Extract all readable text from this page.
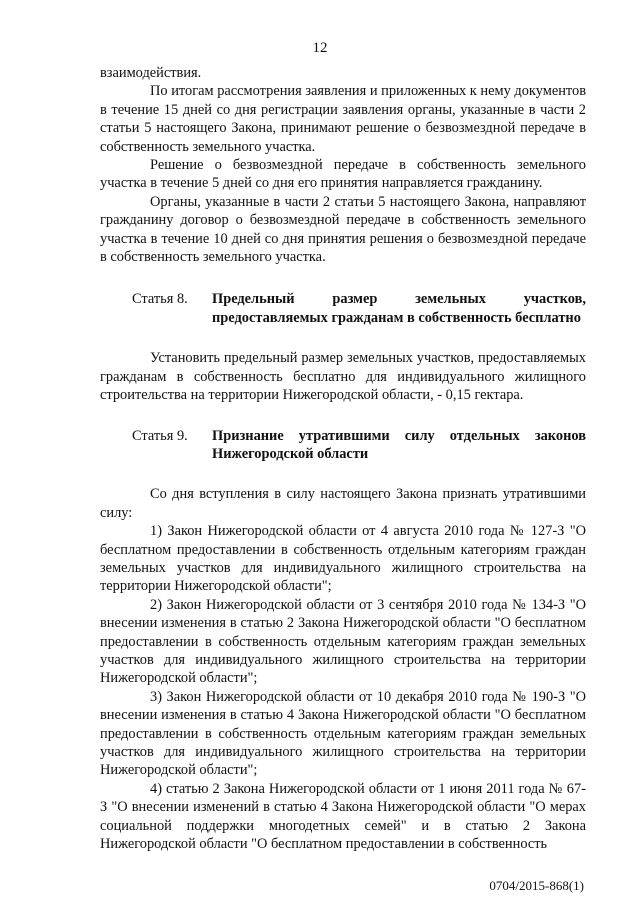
12

взаимодействия.

По итогам рассмотрения заявления и приложенных к нему документов в течение 15 дней со дня регистрации заявления органы, указанные в части 2 статьи 5 настоящего Закона, принимают решение о безвозмездной передаче в собственность земельного участка.

Решение о безвозмездной передаче в собственность земельного участка в течение 5 дней со дня его принятия направляется гражданину.

Органы, указанные в части 2 статьи 5 настоящего Закона, направляют гражданину договор о безвозмездной передаче в собственность земельного участка в течение 10 дней со дня принятия решения о безвозмездной передаче в собственность земельного участка.

Статья 8.	Предельный размер земельных участков, предоставляемых гражданам в собственность бесплатно

Установить предельный размер земельных участков, предоставляемых гражданам в собственность бесплатно для индивидуального жилищного строительства на территории Нижегородской области, - 0,15 гектара.

Статья 9.	Признание утратившими силу отдельных законов Нижегородской области

Со дня вступления в силу настоящего Закона признать утратившими силу:

1) Закон Нижегородской области от 4 августа 2010 года № 127-З "О бесплатном предоставлении в собственность отдельным категориям граждан земельных участков для индивидуального жилищного строительства на территории Нижегородской области";

2) Закон Нижегородской области от 3 сентября 2010 года № 134-З "О внесении изменения в статью 2 Закона Нижегородской области "О бесплатном предоставлении в собственность отдельным категориям граждан земельных участков для индивидуального жилищного строительства на территории Нижегородской области";

3) Закон Нижегородской области от 10 декабря 2010 года № 190-З "О внесении изменения в статью 4 Закона Нижегородской области "О бесплатном предоставлении в собственность отдельным категориям граждан земельных участков для индивидуального жилищного строительства на территории Нижегородской области";

4) статью 2 Закона Нижегородской области от 1 июня 2011 года № 67-З "О внесении изменений в статью 4 Закона Нижегородской области "О мерах социальной поддержки многодетных семей" и в статью 2 Закона Нижегородской области "О бесплатном предоставлении в собственность

0704/2015-868(1)
